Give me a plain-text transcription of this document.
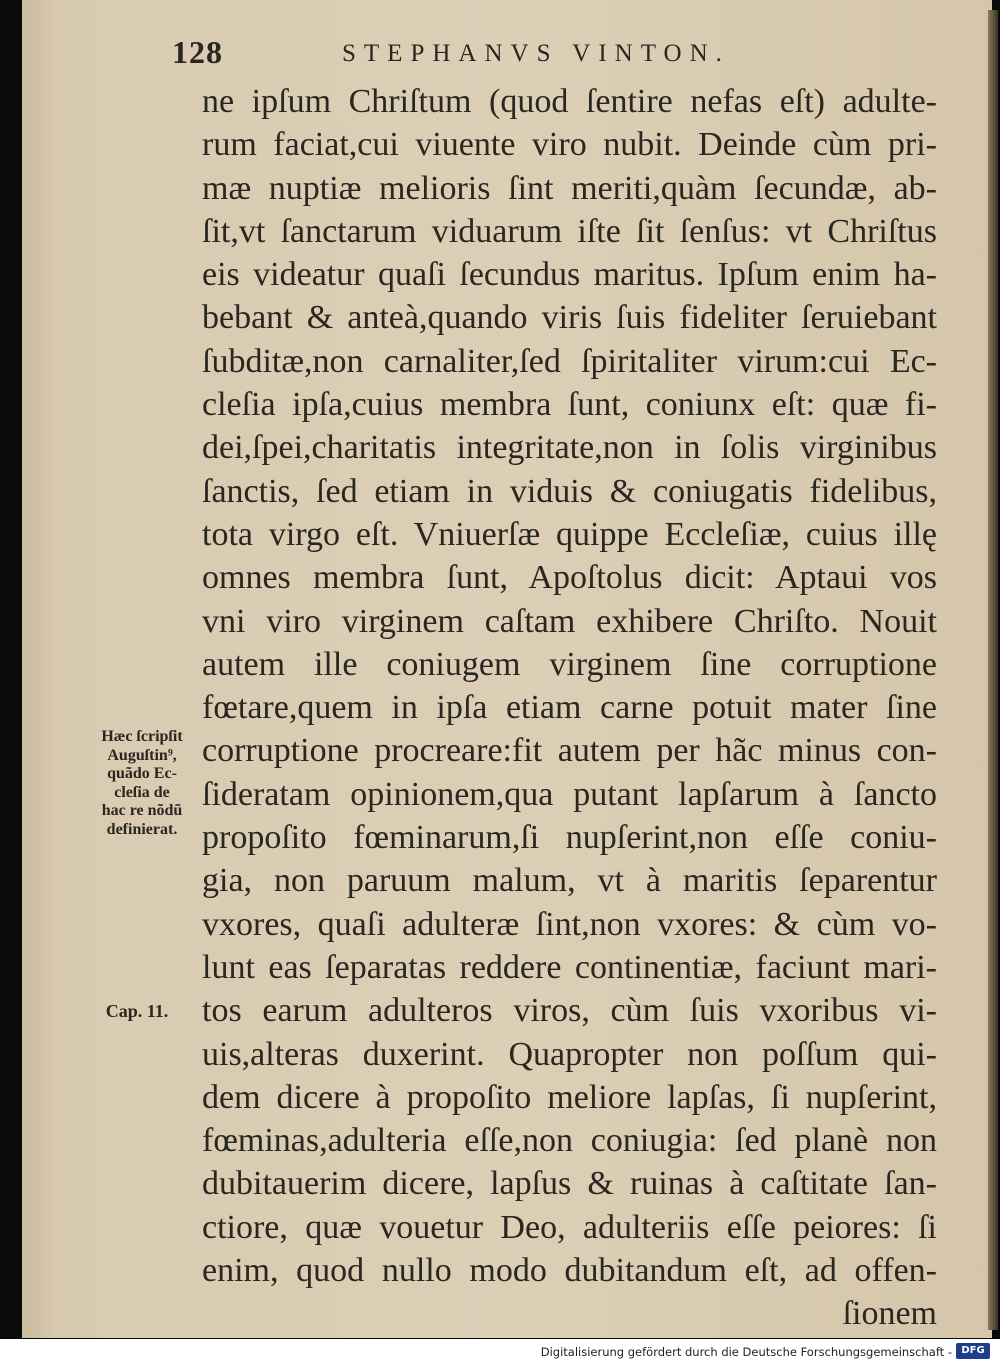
128	STEPHANVS VINTON.
Hæc ſcripſit
Auguſtin⁹,
quãdo Ec-
cleſia de
hac re nõdũ
definierat.
Cap. 11.
ne ipſum Chriſtum (quod ſentire nefas eſt) adulte-
rum faciat,cui viuente viro nubit. Deinde cùm pri-
mæ nuptiæ melioris ſint meriti,quàm ſecundæ, ab-
ſit,vt ſanctarum viduarum iſte ſit ſenſus: vt Chriſtus
eis videatur quaſi ſecundus maritus. Ipſum enim ha-
bebant & anteà,quando viris ſuis fideliter ſeruiebant
ſubditæ,non carnaliter,ſed ſpiritaliter virum:cui Ec-
cleſia ipſa,cuius membra ſunt, coniunx eſt: quæ fi-
dei,ſpei,charitatis integritate,non in ſolis virginibus
ſanctis, ſed etiam in viduis & coniugatis fidelibus,
tota virgo eſt. Vniuerſæ quippe Eccleſiæ, cuius illę
omnes membra ſunt, Apoſtolus dicit: Aptaui vos
vni viro virginem caſtam exhibere Chriſto. Nouit
autem ille coniugem virginem ſine corruptione
fœtare,quem in ipſa etiam carne potuit mater ſine
corruptione procreare:fit autem per hãc minus con-
ſideratam opinionem,qua putant lapſarum à ſancto
propoſito fœminarum,ſi nupſerint,non eſſe coniu-
gia, non paruum malum, vt à maritis ſeparentur
vxores, quaſi adulteræ ſint,non vxores: & cùm vo-
lunt eas ſeparatas reddere continentiæ, faciunt mari-
tos earum adulteros viros, cùm ſuis vxoribus vi-
uis,alteras duxerint. Quapropter non poſſum qui-
dem dicere à propoſito meliore lapſas, ſi nupſerint,
fœminas,adulteria eſſe,non coniugia: ſed planè non
dubitauerim dicere, lapſus & ruinas à caſtitate ſan-
ctiore, quæ vouetur Deo, adulteriis eſſe peiores: ſi
enim, quod nullo modo dubitandum eſt, ad offen-
ſionem
Digitalisierung gefördert durch die Deutsche Forschungsgemeinschaft - DFG
